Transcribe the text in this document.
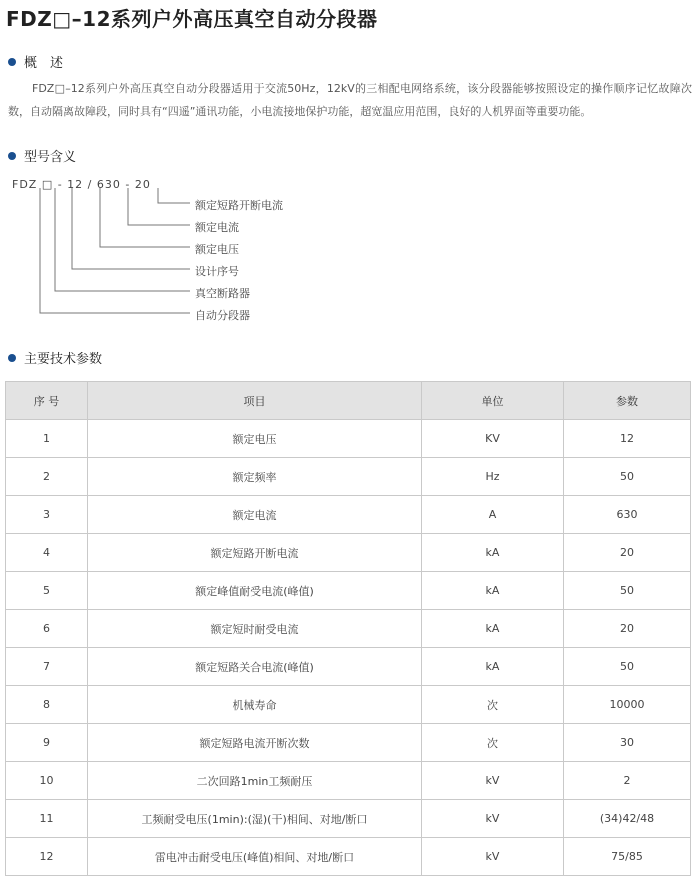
FDZ□–12系列户外高压真空自动分段器
概　述

FDZ□–12系列户外高压真空自动分段器适用于交流50Hz，12kV的三相配电网络系统，该分段器能够按照设定的操作顺序记忆故障次数，自动隔离故障段，同时具有“四遥”通讯功能，小电流接地保护功能，超宽温应用范围，良好的人机界面等重要功能。

型号含义
FDZ □ - 12 / 630 - 20
额定短路开断电流
额定电流
额定电压
设计序号
真空断路器
自动分段器
主要技术参数
序 号	项目	单位	参数
1	额定电压	KV	12
2	额定频率	Hz	50
3	额定电流	A	630
4	额定短路开断电流	kA	20
5	额定峰值耐受电流(峰值)	kA	50
6	额定短时耐受电流	kA	20
7	额定短路关合电流(峰值)	kA	50
8	机械寿命	次	10000
9	额定短路电流开断次数	次	30
10	二次回路1min工频耐压	kV	2
11	工频耐受电压(1min):(湿)(干)相间、对地/断口	kV	(34)42/48
12	雷电冲击耐受电压(峰值)相间、对地/断口	kV	75/85
